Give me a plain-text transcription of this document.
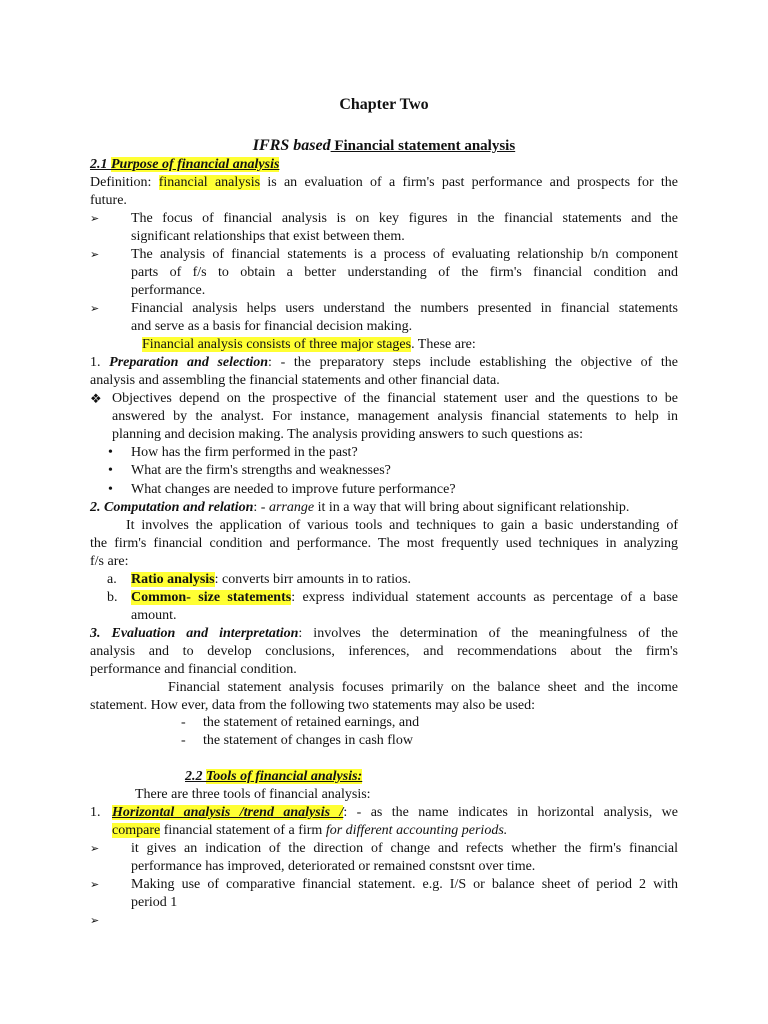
Chapter Two
IFRS based Financial statement analysis
2.1 Purpose of financial analysis
Definition: financial analysis is an evaluation of a firm's past performance and prospects for the
future.
➢ The focus of financial analysis is on key figures in the financial statements and the
significant relationships that exist between them.
➢ The analysis of financial statements is a process of evaluating relationship b/n component
parts of f/s to obtain a better understanding of the firm's financial condition and
performance.
➢ Financial analysis helps users understand the numbers presented in financial statements
and serve as a basis for financial decision making.
Financial analysis consists of three major stages. These are:
1. Preparation and selection: - the preparatory steps include establishing the objective of the
analysis and assembling the financial statements and other financial data.
❖ Objectives depend on the prospective of the financial statement user and the questions to be
answered by the analyst. For instance, management analysis financial statements to help in
planning and decision making. The analysis providing answers to such questions as:
• How has the firm performed in the past?
• What are the firm's strengths and weaknesses?
• What changes are needed to improve future performance?
2. Computation and relation: - arrange it in a way that will bring about significant relationship.
It involves the application of various tools and techniques to gain a basic understanding of
the firm's financial condition and performance. The most frequently used techniques in analyzing
f/s are:
a.	Ratio analysis: converts birr amounts in to ratios.
b. Common- size statements: express individual statement accounts as percentage of a base
amount.
3. Evaluation and interpretation: involves the determination of the meaningfulness of the
analysis and to develop conclusions, inferences, and recommendations about the firm's
performance and financial condition.
Financial statement analysis focuses primarily on the balance sheet and the income
statement. How ever, data from the following two statements may also be used:
-	the statement of retained earnings, and
-	the statement of changes in cash flow
2.2 Tools of financial analysis:
There are three tools of financial analysis:
1. Horizontal analysis /trend analysis /: - as the name indicates in horizontal analysis, we
compare financial statement of a firm for different accounting periods.
➢ it gives an indication of the direction of change and refects whether the firm's financial
performance has improved, deteriorated or remained constsnt over time.
➢ Making use of comparative financial statement. e.g. I/S or balance sheet of period 2 with
period 1
➢
